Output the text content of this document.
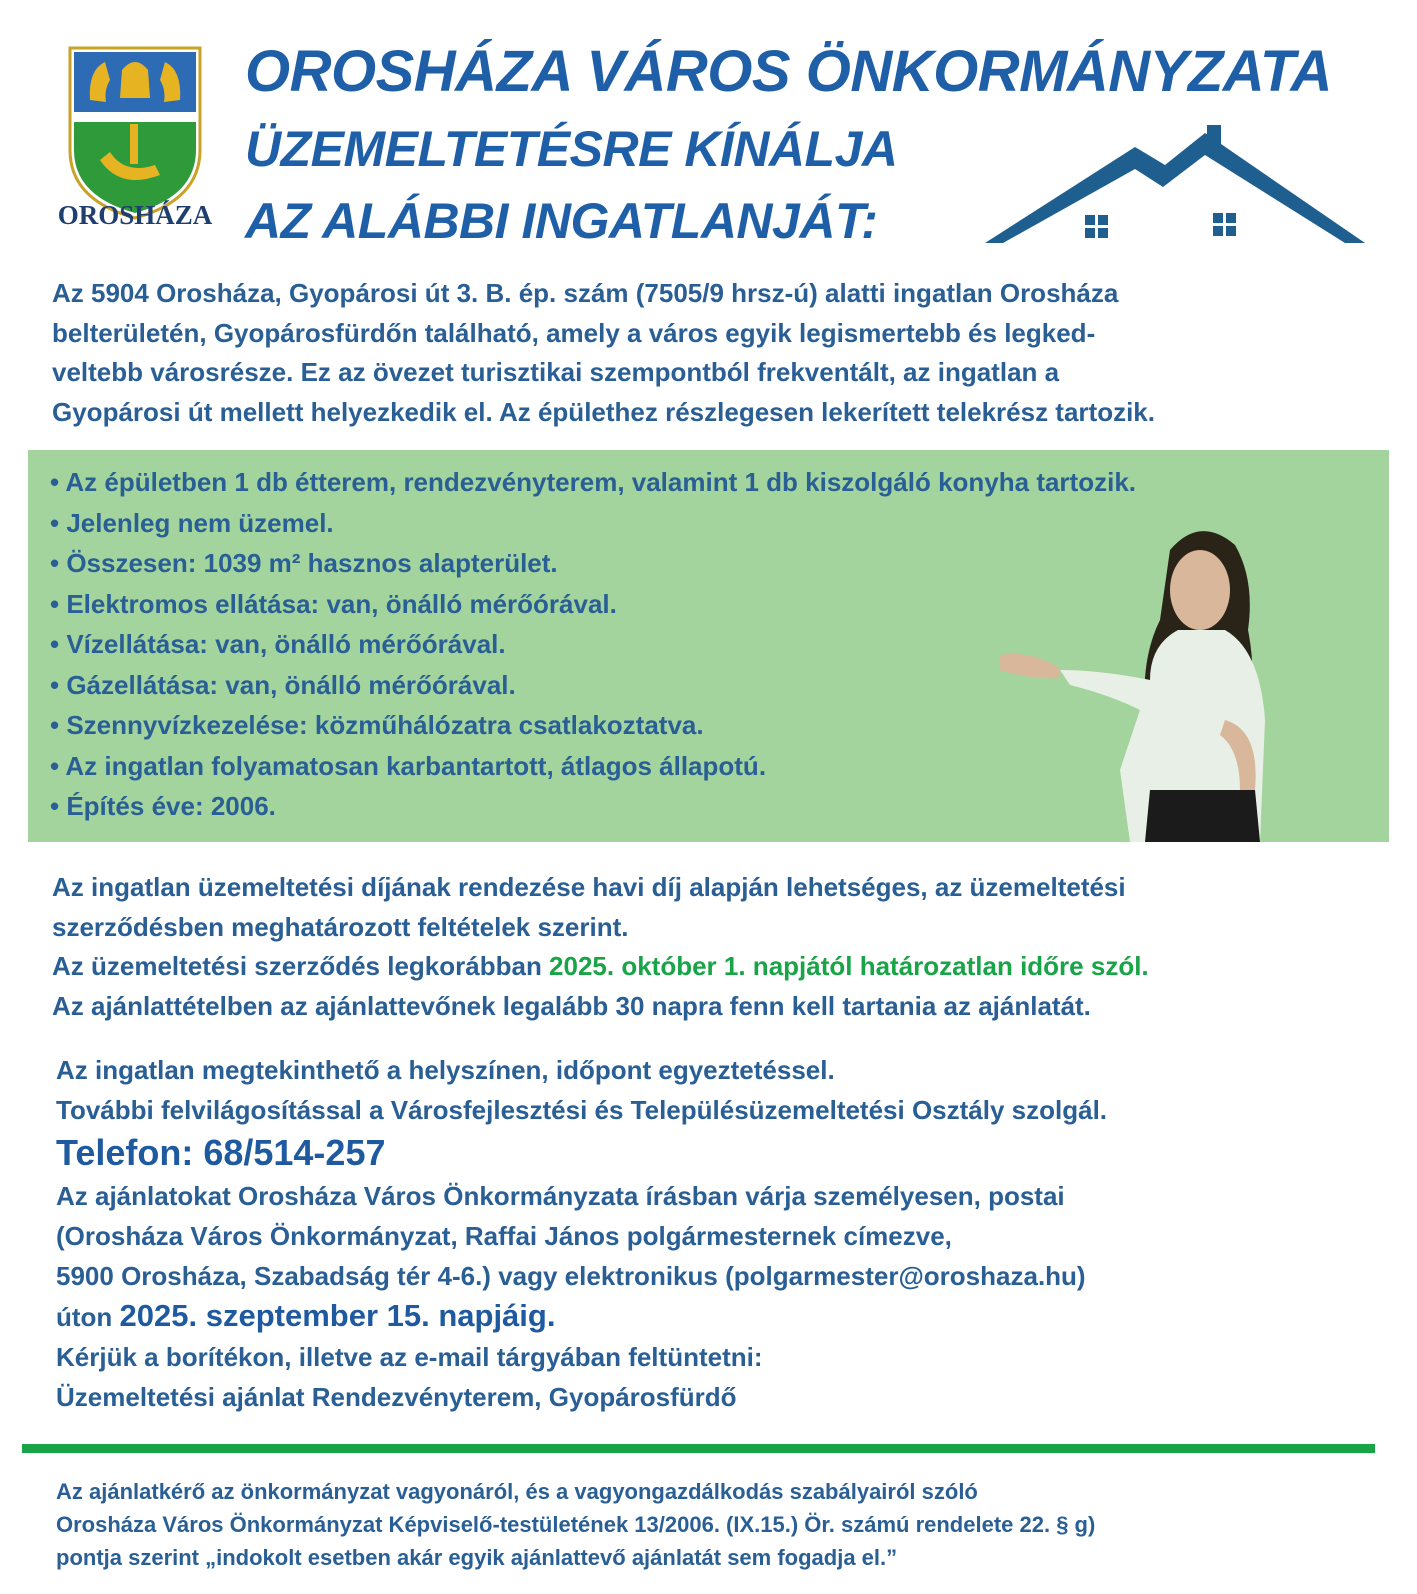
OROSHÁZA
OROSHÁZA VÁROS ÖNKORMÁNYZATA
ÜZEMELTETÉSRE KÍNÁLJA
AZ ALÁBBI INGATLANJÁT:

Az 5904 Orosháza, Gyopárosi út 3. B. ép. szám (7505/9 hrsz-ú) alatti ingatlan Orosháza

belterületén, Gyopárosfürdőn található, amely a város egyik legismertebb és legked-

veltebb városrésze. Ez az övezet turisztikai szempontból frekventált, az ingatlan a

Gyopárosi út mellett helyezkedik el. Az épülethez részlegesen lekerített telekrész tartozik.

• Az épületben 1 db étterem, rendezvényterem, valamint 1 db kiszolgáló konyha tartozik.
• Jelenleg nem üzemel.
• Összesen: 1039 m² hasznos alapterület.
• Elektromos ellátása: van, önálló mérőórával.
• Vízellátása: van, önálló mérőórával.
• Gázellátása: van, önálló mérőórával.
• Szennyvízkezelése: közműhálózatra csatlakoztatva.
• Az ingatlan folyamatosan karbantartott, átlagos állapotú.
• Építés éve: 2006.

Az ingatlan üzemeltetési díjának rendezése havi díj alapján lehetséges, az üzemeltetési

szerződésben meghatározott feltételek szerint.

Az üzemeltetési szerződés legkorábban 2025. október 1. napjától határozatlan időre szól.

Az ajánlattételben az ajánlattevőnek legalább 30 napra fenn kell tartania az ajánlatát.

Az ingatlan megtekinthető a helyszínen, időpont egyeztetéssel.

További felvilágosítással a Városfejlesztési és Településüzemeltetési Osztály szolgál.

Telefon: 68/514-257

Az ajánlatokat Orosháza Város Önkormányzata írásban várja személyesen, postai

(Orosháza Város Önkormányzat, Raffai János polgármesternek címezve,

5900 Orosháza, Szabadság tér 4-6.) vagy elektronikus (polgarmester@oroshaza.hu)

úton 2025. szeptember 15. napjáig.

Kérjük a borítékon, illetve az e-mail tárgyában feltüntetni:

Üzemeltetési ajánlat Rendezvényterem, Gyopárosfürdő

Az ajánlatkérő az önkormányzat vagyonáról, és a vagyongazdálkodás szabályairól szóló

Orosháza Város Önkormányzat Képviselő-testületének 13/2006. (IX.15.) Ör. számú rendelete 22. § g)

pontja szerint „indokolt esetben akár egyik ajánlattevő ajánlatát sem fogadja el.”
